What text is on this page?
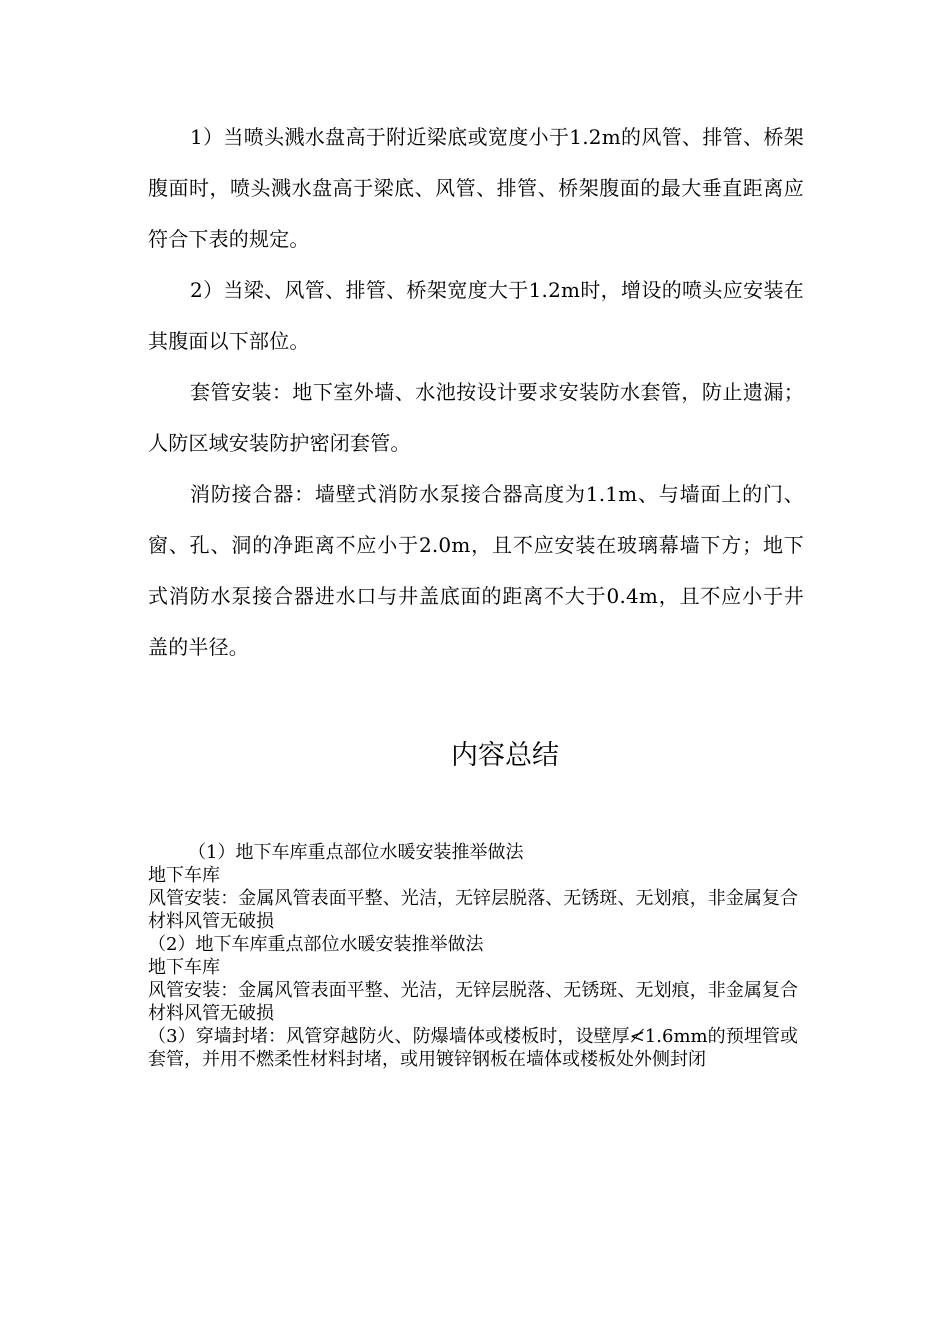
1）当喷头溅水盘高于附近梁底或宽度小于1.2m的风管、排管、桥架腹面时，喷头溅水盘高于梁底、风管、排管、桥架腹面的最大垂直距离应符合下表的规定。

2）当梁、风管、排管、桥架宽度大于1.2m时，增设的喷头应安装在其腹面以下部位。

套管安装：地下室外墙、水池按设计要求安装防水套管，防止遗漏；人防区域安装防护密闭套管。

消防接合器：墙壁式消防水泵接合器高度为1.1m、与墙面上的门、窗、孔、洞的净距离不应小于2.0m，且不应安装在玻璃幕墙下方；地下式消防水泵接合器进水口与井盖底面的距离不大于0.4m，且不应小于井盖的半径。

内容总结
（1）地下车库重点部位水暖安装推举做法
地下车库
风管安装：金属风管表面平整、光洁，无锌层脱落、无锈斑、无划痕，非金属复合材料风管无破损
（2）地下车库重点部位水暖安装推举做法
地下车库
风管安装：金属风管表面平整、光洁，无锌层脱落、无锈斑、无划痕，非金属复合材料风管无破损
（3）穿墙封堵：风管穿越防火、防爆墙体或楼板时，设壁厚≮1.6mm的预埋管或套管，并用不燃柔性材料封堵，或用镀锌钢板在墙体或楼板处外侧封闭
